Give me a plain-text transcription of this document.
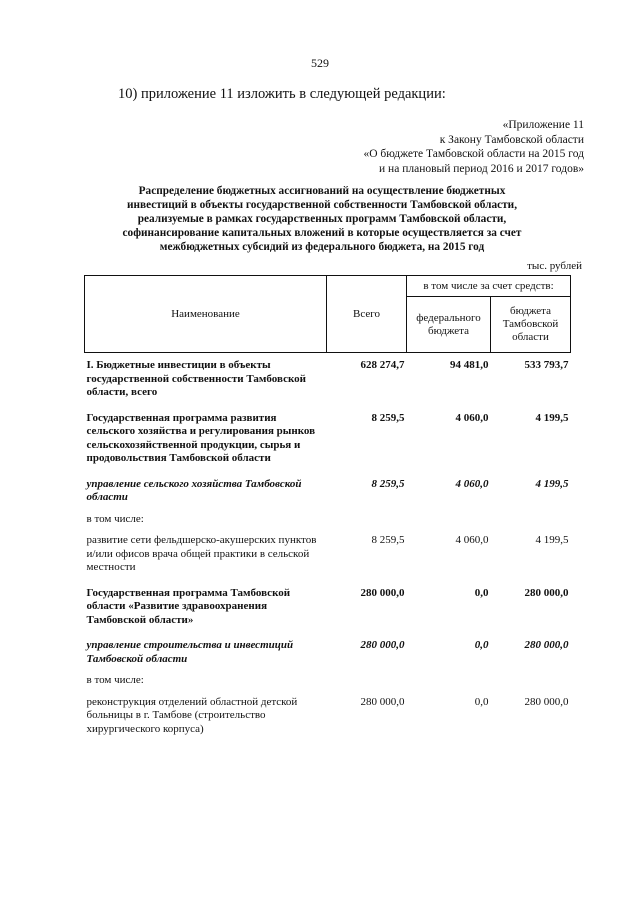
529
10) приложение 11 изложить в следующей редакции:
«Приложение 11
к Закону Тамбовской области
«О бюджете Тамбовской области на 2015 год
и на плановый период 2016 и 2017 годов»
Распределение бюджетных ассигнований на осуществление бюджетных
инвестиций в объекты государственной собственности Тамбовской области,
реализуемые в рамках государственных программ Тамбовской области,
софинансирование капитальных вложений в которые осуществляется за счет
межбюджетных субсидий из федерального бюджета, на 2015 год
тыс. рублей
Наименование	Всего	в том числе за счет средств:	
		федерального бюджета	бюджета Тамбовской области
I. Бюджетные инвестиции в объекты государственной собственности Тамбовской области, всего	628 274,7	94 481,0	533 793,7
Государственная программа развития сельского хозяйства и регулирования рынков сельскохозяйственной продукции, сырья и продовольствия Тамбовской области	8 259,5	4 060,0	4 199,5
управление сельского хозяйства Тамбовской области	8 259,5	4 060,0	4 199,5
в том числе:			
развитие сети фельдшерско-акушерских пунктов и/или офисов врача общей практики в сельской местности	8 259,5	4 060,0	4 199,5
Государственная программа Тамбовской области «Развитие здравоохранения Тамбовской области»	280 000,0	0,0	280 000,0
управление строительства и инвестиций Тамбовской области	280 000,0	0,0	280 000,0
в том числе:			
реконструкция отделений областной детской больницы в г. Тамбове (строительство хирургического корпуса)	280 000,0	0,0	280 000,0
